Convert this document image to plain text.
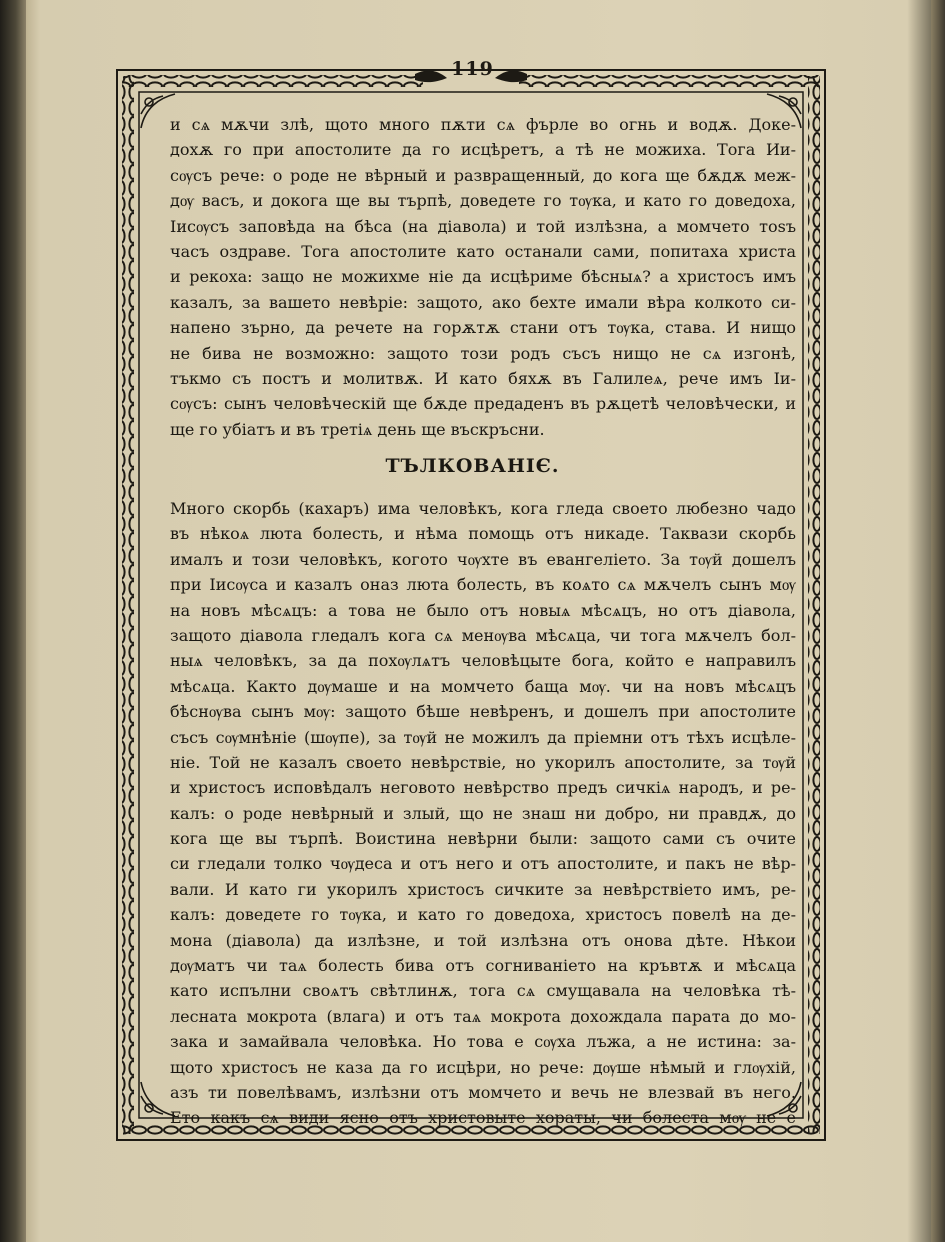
119
и сѧ мѫчи злѣ, щото много пѫти сѧ фърле во огнь и водѫ. Доке-
дохѫ го при апостолите да го исцѣретъ, а тѣ не можиха. Тога Ии-
сѹсъ рече: о роде не вѣрный и развращенный, до кога ще бѫдѫ меж-
дѹ васъ, и докога ще вы търпѣ, доведете го тѹка, и като го доведоха,
Іисѹсъ заповѣда на бѣса (на діавола) и той излѣзна, а момчето тоѕъ
часъ оздраве. Тога апостолите като останали сами, попитаха христа
и рекоха: защо не можихме ніе да исцѣриме бѣсныѧ? а христосъ имъ
казалъ, за вашето невѣріе: защото, ако бехте имали вѣра колкото си-
напено зърно, да речете на горѫтѫ стани отъ тѹка, става. И нищо
не бива не возможно: защото този родъ съсъ нищо не сѧ изгонѣ,
тъкмо съ постъ и молитвѫ. И като бяхѫ въ Галилеѧ, рече имъ Іи-
сѹсъ: сынъ человѣческій ще бѫде предаденъ въ рѫцетѣ человѣчески, и
ще го убіатъ и въ третіѧ день ще въскръсни.
ТЪЛКОВАНІЄ.
Много скорбь (кахаръ) има человѣкъ, кога гледа своето любезно чадо
въ нѣкоѧ люта болесть, и нѣма помощь отъ никаде. Таквази скорбь
ималъ и този человѣкъ, когото чѹхте въ евангеліето. За тѹй дошелъ
при Іисѹса и казалъ оназ люта болесть, въ коѧто сѧ мѫчелъ сынъ мѹ
на новъ мѣсѧцъ: а това не было отъ новыѧ мѣсѧцъ, но отъ діавола,
защото діавола гледалъ кога сѧ менѹва мѣсѧца, чи тога мѫчелъ бол-
ныѧ человѣкъ, за да похѹлѧтъ человѣцыте бога, който е направилъ
мѣсѧца. Както дѹмаше и на момчето баща мѹ. чи на новъ мѣсѧцъ
бѣснѹва сынъ мѹ: защото бѣше невѣренъ, и дошелъ при апостолите
съсъ сѹмнѣніе (шѹпе), за тѹй не можилъ да пріемни отъ тѣхъ исцѣле-
ніе. Той не казалъ своето невѣрствіе, но укорилъ апостолите, за тѹй
и христосъ исповѣдалъ неговото невѣрство предъ сичкіѧ народъ, и ре-
калъ: о роде невѣрный и злый, що не знаш ни добро, ни правдѫ, до
кога ще вы търпѣ. Воистина невѣрни были: защото сами съ очите
си гледали толко чѹдеса и отъ него и отъ апостолите, и пакъ не вѣр-
вали. И като ги укорилъ христосъ сичките за невѣрствіето имъ, ре-
калъ: доведете го тѹка, и като го доведоха, христосъ повелѣ на де-
мона (діавола) да излѣзне, и той излѣзна отъ онова дѣте. Нѣкои
дѹматъ чи таѧ болесть бива отъ согниваніето на кръвтѫ и мѣсѧца
като испълни своѧтъ свѣтлинѫ, тога сѧ смущавала на человѣка тѣ-
лесната мокрота (влага) и отъ таѧ мокрота дохождала парата до мо-
зака и замайвала человѣка. Но това е сѹха лъжа, а не истина: за-
щото христосъ не каза да го исцѣри, но рече: дѹше нѣмый и глѹхій,
азъ ти повелѣвамъ, излѣзни отъ момчето и вечь не влезвай въ него.
Ето какъ сѧ види ясно отъ христовыте хораты, чи болеста мѹ не е
